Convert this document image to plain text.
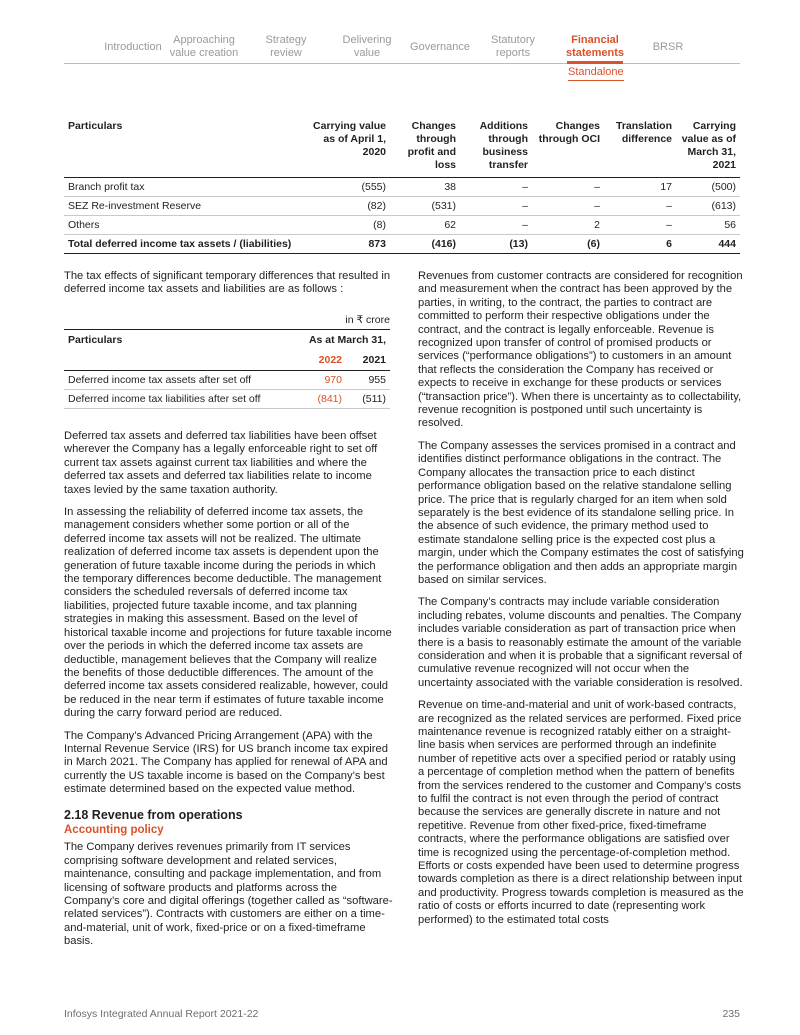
Introduction
Approaching
value creation
Strategy
review
Delivering
value	Governance
Statutory
reports
Financial
statements	BRSR
Standalone
Particulars	Carrying value as of April 1, 2020	Changes through profit and loss	Additions through business transfer	Changes through OCI	Translation difference	Carrying value as of March 31, 2021
Branch profit tax	(555)	38	–	–	17	(500)
SEZ Re-investment Reserve	(82)	(531)	–	–	–	(613)
Others	(8)	62	–	2	–	56
Total deferred income tax assets / (liabilities)	873	(416)	(13)	(6)	6	444

The tax effects of significant temporary differences that resulted in deferred income tax assets and liabilities are as follows :

in ₹ crore
Particulars	As at March 31,	
	2022	2021
Deferred income tax assets after set off	970	955
Deferred income tax liabilities after set off	(841)	(511)

Deferred tax assets and deferred tax liabilities have been offset wherever the Company has a legally enforceable right to set off current tax assets against current tax liabilities and where the deferred tax assets and deferred tax liabilities relate to income taxes levied by the same taxation authority.

In assessing the reliability of deferred income tax assets, the management considers whether some portion or all of the deferred income tax assets will not be realized. The ultimate realization of deferred income tax assets is dependent upon the generation of future taxable income during the periods in which the temporary differences become deductible. The management considers the scheduled reversals of deferred income tax liabilities, projected future taxable income, and tax planning strategies in making this assessment. Based on the level of historical taxable income and projections for future taxable income over the periods in which the deferred income tax assets are deductible, management believes that the Company will realize the benefits of those deductible differences. The amount of the deferred income tax assets considered realizable, however, could be reduced in the near term if estimates of future taxable income during the carry forward period are reduced.

The Company’s Advanced Pricing Arrangement (APA) with the Internal Revenue Service (IRS) for US branch income tax expired in March 2021. The Company has applied for renewal of APA and currently the US taxable income is based on the Company’s best estimate determined based on the expected value method.

2.18 Revenue from operations
Accounting policy

The Company derives revenues primarily from IT services comprising software development and related services, maintenance, consulting and package implementation, and from licensing of software products and platforms across the Company’s core and digital offerings (together called as “software-related services”). Contracts with customers are either on a time-and-material, unit of work, fixed-price or on a fixed-timeframe basis.

Revenues from customer contracts are considered for recognition and measurement when the contract has been approved by the parties, in writing, to the contract, the parties to contract are committed to perform their respective obligations under the contract, and the contract is legally enforceable. Revenue is recognized upon transfer of control of promised products or services (“performance obligations”) to customers in an amount that reflects the consideration the Company has received or expects to receive in exchange for these products or services (“transaction price”). When there is uncertainty as to collectability, revenue recognition is postponed until such uncertainty is resolved.

The Company assesses the services promised in a contract and identifies distinct performance obligations in the contract. The Company allocates the transaction price to each distinct performance obligation based on the relative standalone selling price. The price that is regularly charged for an item when sold separately is the best evidence of its standalone selling price. In the absence of such evidence, the primary method used to estimate standalone selling price is the expected cost plus a margin, under which the Company estimates the cost of satisfying the performance obligation and then adds an appropriate margin based on similar services.

The Company’s contracts may include variable consideration including rebates, volume discounts and penalties. The Company includes variable consideration as part of transaction price when there is a basis to reasonably estimate the amount of the variable consideration and when it is probable that a significant reversal of cumulative revenue recognized will not occur when the uncertainty associated with the variable consideration is resolved.

Revenue on time-and-material and unit of work-based contracts, are recognized as the related services are performed. Fixed price maintenance revenue is recognized ratably either on a straight-line basis when services are performed through an indefinite number of repetitive acts over a specified period or ratably using a percentage of completion method when the pattern of benefits from the services rendered to the customer and Company’s costs to fulfil the contract is not even through the period of contract because the services are generally discrete in nature and not repetitive. Revenue from other fixed-price, fixed-timeframe contracts, where the performance obligations are satisfied over time is recognized using the percentage-of-completion method. Efforts or costs expended have been used to determine progress towards completion as there is a direct relationship between input and productivity. Progress towards completion is measured as the ratio of costs or efforts incurred to date (representing work performed) to the estimated total costs

Infosys Integrated Annual Report 2021-22	235
